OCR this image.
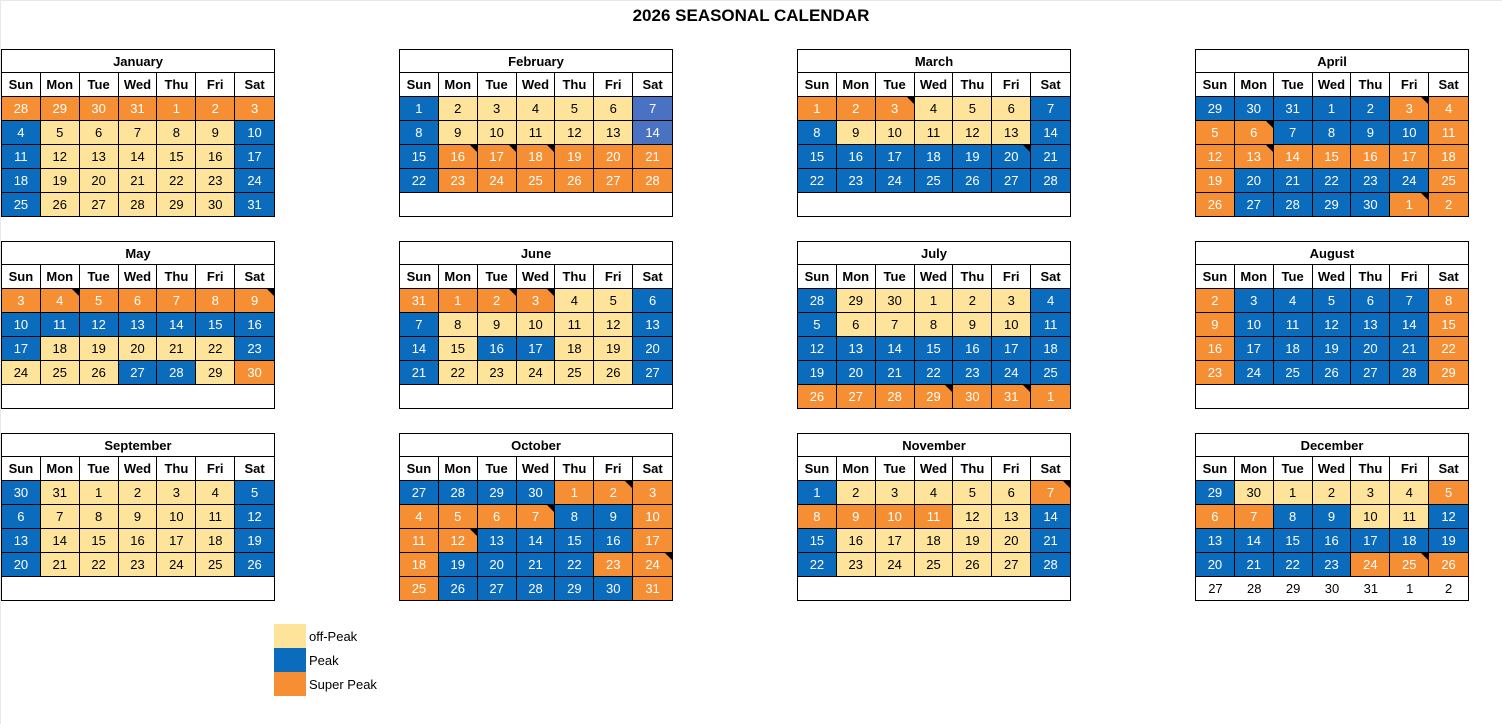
2026 SEASONAL CALENDAR
January
Sun	Mon	Tue	Wed	Thu	Fri	Sat
28	29	30	31	1	2	3
4	5	6	7	8	9	10
11	12	13	14	15	16	17
18	19	20	21	22	23	24
25	26	27	28	29	30	31
February
Sun	Mon	Tue	Wed	Thu	Fri	Sat
1	2	3	4	5	6	7
8	9	10	11	12	13	14
15	16	17	18	19	20	21
22	23	24	25	26	27	28
March
Sun	Mon	Tue	Wed	Thu	Fri	Sat
1	2	3	4	5	6	7
8	9	10	11	12	13	14
15	16	17	18	19	20	21
22	23	24	25	26	27	28
April
Sun	Mon	Tue	Wed	Thu	Fri	Sat
29	30	31	1	2	3	4
5	6	7	8	9	10	11
12	13	14	15	16	17	18
19	20	21	22	23	24	25
26	27	28	29	30	1	2
May
Sun	Mon	Tue	Wed	Thu	Fri	Sat
3	4	5	6	7	8	9
10	11	12	13	14	15	16
17	18	19	20	21	22	23
24	25	26	27	28	29	30
June
Sun	Mon	Tue	Wed	Thu	Fri	Sat
31	1	2	3	4	5	6
7	8	9	10	11	12	13
14	15	16	17	18	19	20
21	22	23	24	25	26	27
July
Sun	Mon	Tue	Wed	Thu	Fri	Sat
28	29	30	1	2	3	4
5	6	7	8	9	10	11
12	13	14	15	16	17	18
19	20	21	22	23	24	25
26	27	28	29	30	31	1
August
Sun	Mon	Tue	Wed	Thu	Fri	Sat
2	3	4	5	6	7	8
9	10	11	12	13	14	15
16	17	18	19	20	21	22
23	24	25	26	27	28	29
September
Sun	Mon	Tue	Wed	Thu	Fri	Sat
30	31	1	2	3	4	5
6	7	8	9	10	11	12
13	14	15	16	17	18	19
20	21	22	23	24	25	26
October
Sun	Mon	Tue	Wed	Thu	Fri	Sat
27	28	29	30	1	2	3
4	5	6	7	8	9	10
11	12	13	14	15	16	17
18	19	20	21	22	23	24
25	26	27	28	29	30	31
November
Sun	Mon	Tue	Wed	Thu	Fri	Sat
1	2	3	4	5	6	7
8	9	10	11	12	13	14
15	16	17	18	19	20	21
22	23	24	25	26	27	28
December
Sun	Mon	Tue	Wed	Thu	Fri	Sat
29	30	1	2	3	4	5
6	7	8	9	10	11	12
13	14	15	16	17	18	19
20	21	22	23	24	25	26
27	28	29	30	31	1	2
off-Peak
Peak
Super Peak
